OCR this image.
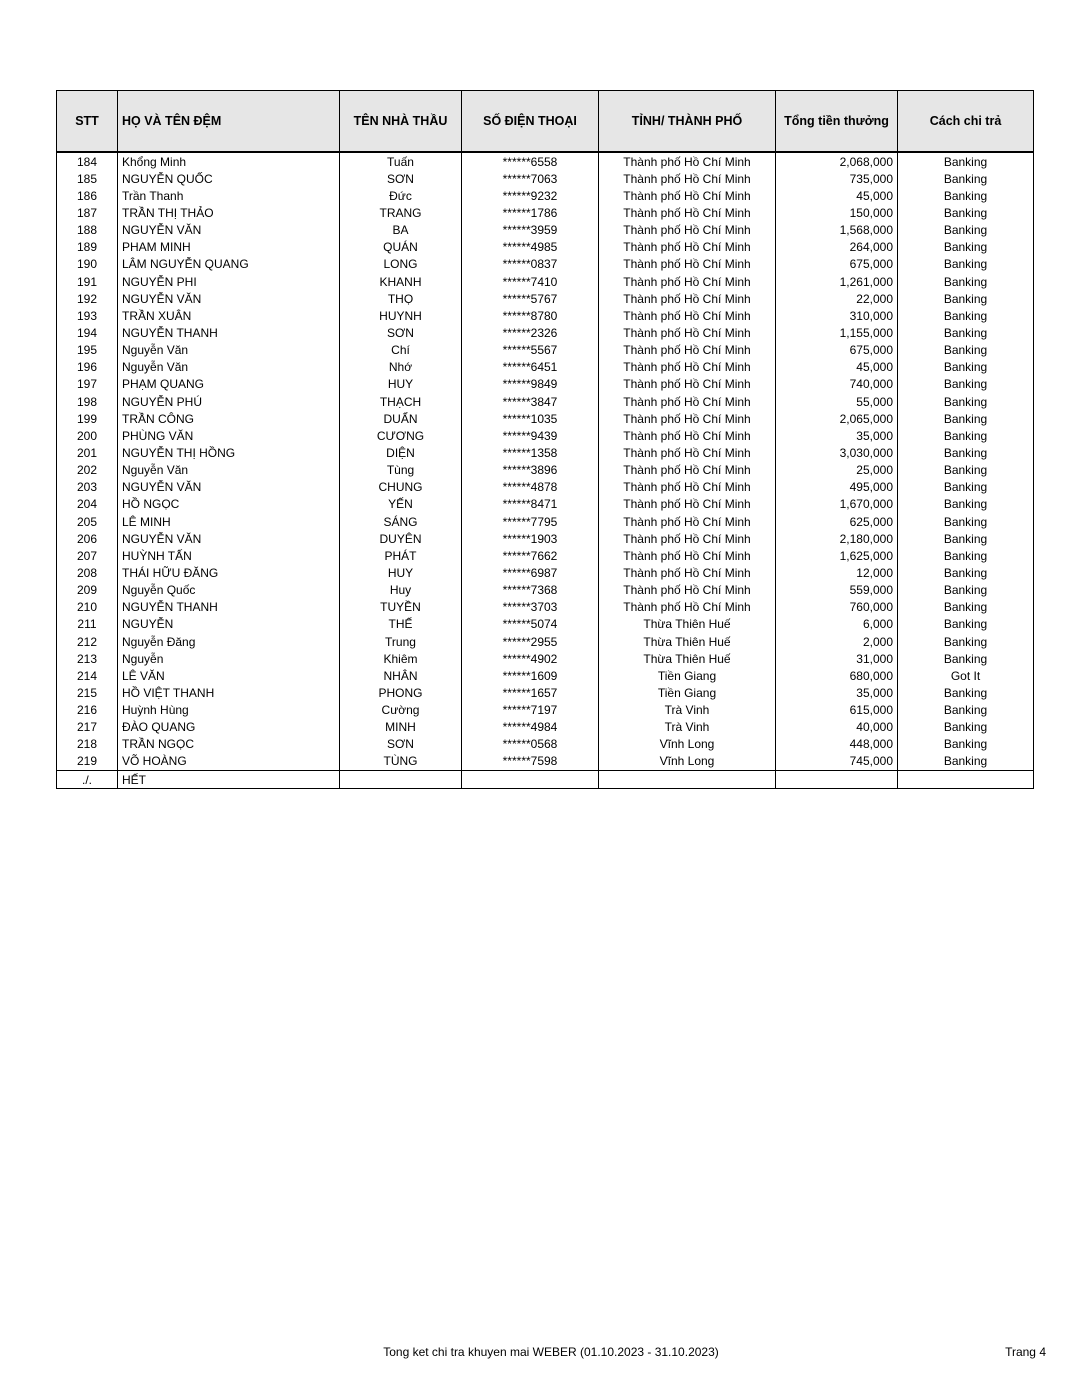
STT	HỌ VÀ TÊN ĐỆM	TÊN NHÀ THẦU	SỐ ĐIỆN THOẠI	TỈNH/ THÀNH PHỐ	Tổng tiền thưởng	Cách chi trả
184	Khổng Minh	Tuấn	******6558	Thành phố Hồ Chí Minh	2,068,000	Banking
185	NGUYỄN QUỐC	SƠN	******7063	Thành phố Hồ Chí Minh	735,000	Banking
186	Trần Thanh	Đức	******9232	Thành phố Hồ Chí Minh	45,000	Banking
187	TRẦN THỊ THẢO	TRANG	******1786	Thành phố Hồ Chí Minh	150,000	Banking
188	NGUYỄN VĂN	BA	******3959	Thành phố Hồ Chí Minh	1,568,000	Banking
189	PHAM MINH	QUÁN	******4985	Thành phố Hồ Chí Minh	264,000	Banking
190	LÂM NGUYỄN QUANG	LONG	******0837	Thành phố Hồ Chí Minh	675,000	Banking
191	NGUYỄN PHI	KHANH	******7410	Thành phố Hồ Chí Minh	1,261,000	Banking
192	NGUYỄN VĂN	THỌ	******5767	Thành phố Hồ Chí Minh	22,000	Banking
193	TRẦN XUÂN	HUYNH	******8780	Thành phố Hồ Chí Minh	310,000	Banking
194	NGUYỄN THANH	SƠN	******2326	Thành phố Hồ Chí Minh	1,155,000	Banking
195	Nguyễn Văn	Chí	******5567	Thành phố Hồ Chí Minh	675,000	Banking
196	Nguyễn Văn	Nhớ	******6451	Thành phố Hồ Chí Minh	45,000	Banking
197	PHẠM QUANG	HUY	******9849	Thành phố Hồ Chí Minh	740,000	Banking
198	NGUYỄN PHÚ	THẠCH	******3847	Thành phố Hồ Chí Minh	55,000	Banking
199	TRẦN CÔNG	DUẨN	******1035	Thành phố Hồ Chí Minh	2,065,000	Banking
200	PHÙNG VĂN	CƯƠNG	******9439	Thành phố Hồ Chí Minh	35,000	Banking
201	NGUYỄN THỊ HỒNG	DIỆN	******1358	Thành phố Hồ Chí Minh	3,030,000	Banking
202	Nguyễn Văn	Tùng	******3896	Thành phố Hồ Chí Minh	25,000	Banking
203	NGUYỄN VĂN	CHUNG	******4878	Thành phố Hồ Chí Minh	495,000	Banking
204	HỒ NGỌC	YẾN	******8471	Thành phố Hồ Chí Minh	1,670,000	Banking
205	LÊ MINH	SÁNG	******7795	Thành phố Hồ Chí Minh	625,000	Banking
206	NGUYỄN VĂN	DUYÊN	******1903	Thành phố Hồ Chí Minh	2,180,000	Banking
207	HUỲNH TẤN	PHÁT	******7662	Thành phố Hồ Chí Minh	1,625,000	Banking
208	THÁI HỮU ĐĂNG	HUY	******6987	Thành phố Hồ Chí Minh	12,000	Banking
209	Nguyễn Quốc	Huy	******7368	Thành phố Hồ Chí Minh	559,000	Banking
210	NGUYỄN THANH	TUYỀN	******3703	Thành phố Hồ Chí Minh	760,000	Banking
211	NGUYỄN	THẾ	******5074	Thừa Thiên Huế	6,000	Banking
212	Nguyễn Đăng	Trung	******2955	Thừa Thiên Huế	2,000	Banking
213	Nguyễn	Khiêm	******4902	Thừa Thiên Huế	31,000	Banking
214	LÊ VĂN	NHÂN	******1609	Tiền Giang	680,000	Got It
215	HỒ VIỆT THANH	PHONG	******1657	Tiền Giang	35,000	Banking
216	Huỳnh Hùng	Cường	******7197	Trà Vinh	615,000	Banking
217	ĐÀO QUANG	MINH	******4984	Trà Vinh	40,000	Banking
218	TRẦN NGỌC	SƠN	******0568	Vĩnh Long	448,000	Banking
219	VÕ HOÀNG	TÙNG	******7598	Vĩnh Long	745,000	Banking
./.	HẾT					
Tong ket chi tra khuyen mai WEBER (01.10.2023 - 31.10.2023)	Trang 4
